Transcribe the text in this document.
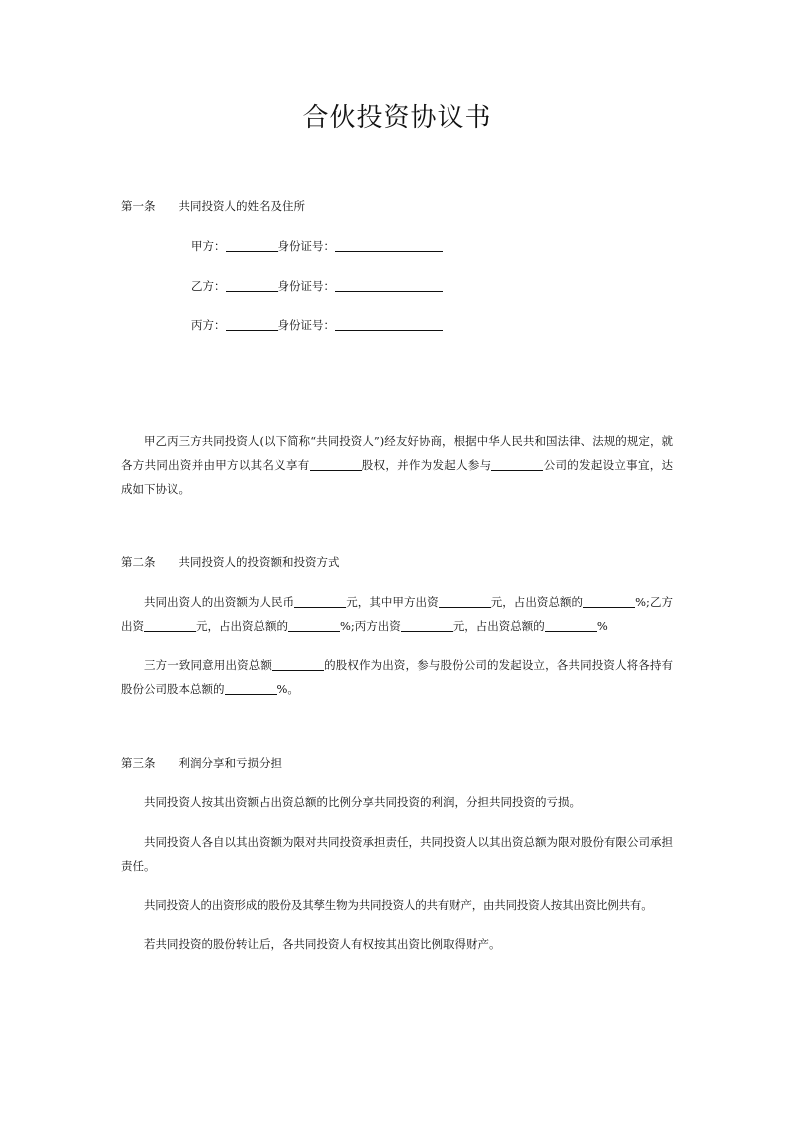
合伙投资协议书
第一条 共同投资人的姓名及住所
甲方：	身份证号：
乙方：	身份证号：
丙方：	身份证号：
甲乙丙三方共同投资人(以下简称“共同投资人”)经友好协商，根据中华人民共和国法律、法规的规定，就各方共同出资并由甲方以其名义享有	股权，并作为发起人参与	公司的发起设立事宜，达成如下协议。
第二条 共同投资人的投资额和投资方式
共同出资人的出资额为人民币	元，其中甲方出资	元，占出资总额的	%;乙方出资	元，占出资总额的	%;丙方出资	元，占出资总额的	%
三方一致同意用出资总额	的股权作为出资，参与股份公司的发起设立，各共同投资人将各持有股份公司股本总额的	%。
第三条 利润分享和亏损分担
共同投资人按其出资额占出资总额的比例分享共同投资的利润，分担共同投资的亏损。
共同投资人各自以其出资额为限对共同投资承担责任，共同投资人以其出资总额为限对股份有限公司承担责任。
共同投资人的出资形成的股份及其孳生物为共同投资人的共有财产，由共同投资人按其出资比例共有。
若共同投资的股份转让后，各共同投资人有权按其出资比例取得财产。
